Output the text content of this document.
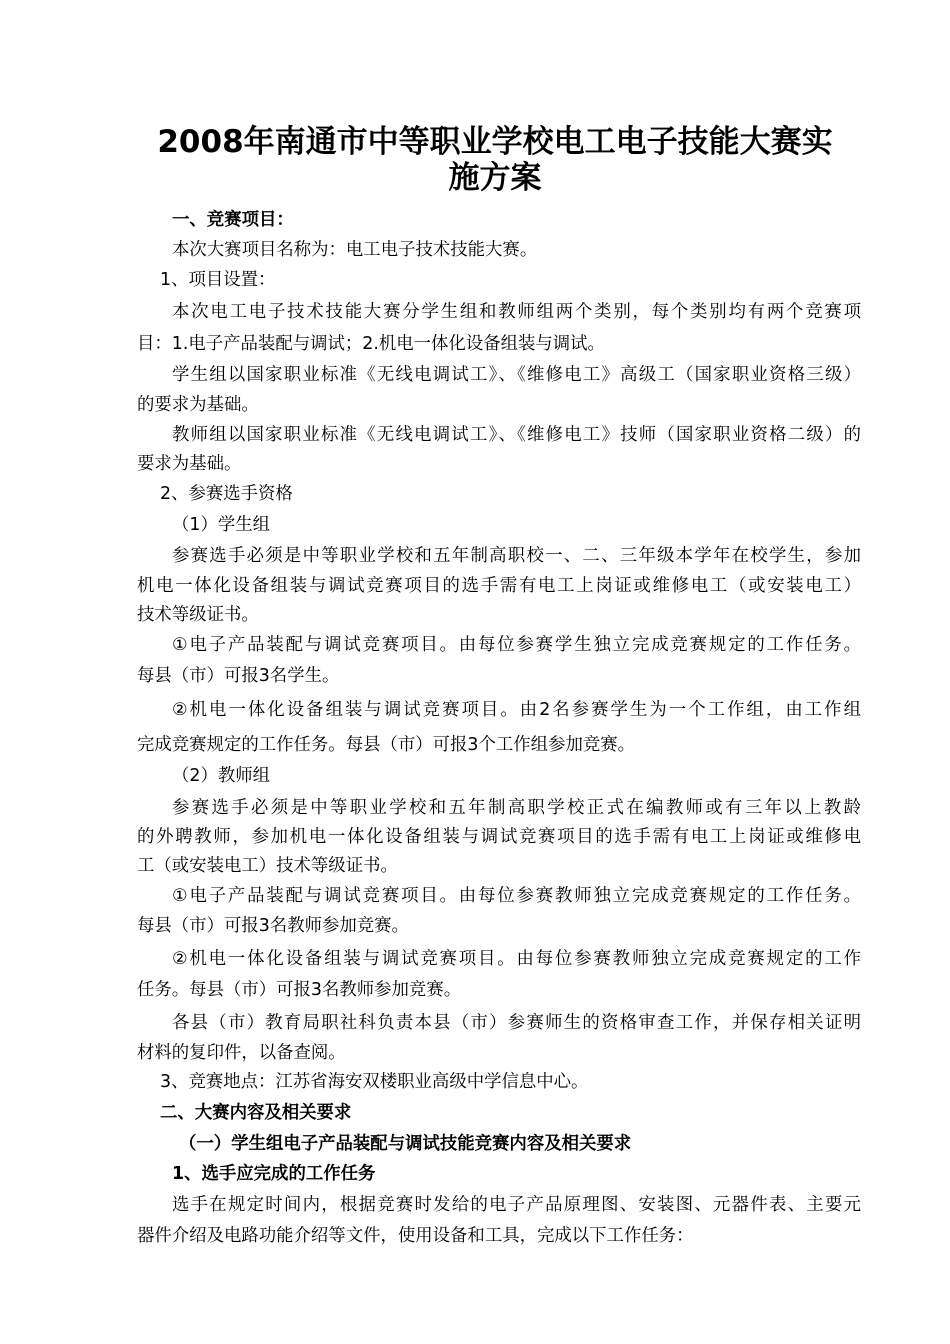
2008年南通市中等职业学校电工电子技能大赛实
施方案
一、竞赛项目：
本次大赛项目名称为：电工电子技术技能大赛。
1、项目设置：
本次电工电子技术技能大赛分学生组和教师组两个类别，每个类别均有两个竞赛项
目：1.电子产品装配与调试；2.机电一体化设备组装与调试。
学生组以国家职业标准《无线电调试工》、《维修电工》高级工（国家职业资格三级）
的要求为基础。
教师组以国家职业标准《无线电调试工》、《维修电工》技师（国家职业资格二级）的
要求为基础。
2、参赛选手资格
（1）学生组
参赛选手必须是中等职业学校和五年制高职校一、二、三年级本学年在校学生，参加
机电一体化设备组装与调试竞赛项目的选手需有电工上岗证或维修电工（或安装电工）
技术等级证书。
①电子产品装配与调试竞赛项目。由每位参赛学生独立完成竞赛规定的工作任务。
每县（市）可报3名学生。
②机电一体化设备组装与调试竞赛项目。由2名参赛学生为一个工作组，由工作组
完成竞赛规定的工作任务。每县（市）可报3个工作组参加竞赛。
（2）教师组
参赛选手必须是中等职业学校和五年制高职学校正式在编教师或有三年以上教龄
的外聘教师，参加机电一体化设备组装与调试竞赛项目的选手需有电工上岗证或维修电
工（或安装电工）技术等级证书。
①电子产品装配与调试竞赛项目。由每位参赛教师独立完成竞赛规定的工作任务。
每县（市）可报3名教师参加竞赛。
②机电一体化设备组装与调试竞赛项目。由每位参赛教师独立完成竞赛规定的工作
任务。每县（市）可报3名教师参加竞赛。
各县（市）教育局职社科负责本县（市）参赛师生的资格审查工作，并保存相关证明
材料的复印件，以备查阅。
3、竞赛地点：江苏省海安双楼职业高级中学信息中心。
二、大赛内容及相关要求
（一）学生组电子产品装配与调试技能竞赛内容及相关要求
1、选手应完成的工作任务
选手在规定时间内，根据竞赛时发给的电子产品原理图、安装图、元器件表、主要元
器件介绍及电路功能介绍等文件，使用设备和工具，完成以下工作任务：
